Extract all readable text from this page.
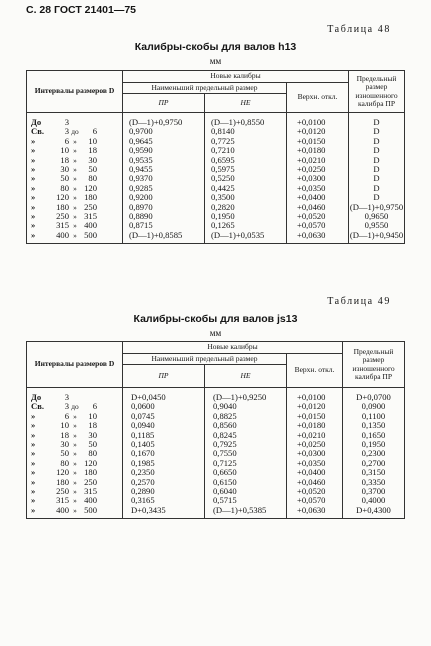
С. 28 ГОСТ 21401—75
Таблица 48
Калибры-скобы для валов h13
мм
Интервалы размеров D	Новые калибры			Предельный размер изношенного калибра ПР
	Наименьший предельный размер		Верхн. откл.	
	ПР	НЕ		
До 3	(D—1)+0,9750	(D—1)+0,8550	+0,0100	D
Св. 3 до 6	0,9700	0,8140	+0,0120	D
» 6 » 10	0,9645	0,7725	+0,0150	D
» 10 » 18	0,9590	0,7210	+0,0180	D
» 18 » 30	0,9535	0,6595	+0,0210	D
» 30 » 50	0,9455	0,5975	+0,0250	D
» 50 » 80	0,9370	0,5250	+0,0300	D
» 80 » 120	0,9285	0,4425	+0,0350	D
» 120 » 180	0,9200	0,3500	+0,0400	D
» 180 » 250	0,8970	0,2820	+0,0460	(D—1)+0,9750
» 250 » 315	0,8890	0,1950	+0,0520	0,9650
» 315 » 400	0,8715	0,1265	+0,0570	0,9550
» 400 » 500	(D—1)+0,8585	(D—1)+0,0535	+0,0630	(D—1)+0,9450
Таблица 49
Калибры-скобы для валов js13
мм
Интервалы размеров D	Новые калибры			Предельный размер изношенного калибра ПР
	Наименьший предельный размер		Верхн. откл.	
	ПР	НЕ		
До 3	D+0,0450	(D—1)+0,9250	+0,0100	D+0,0700
Св. 3 до 6	0,0600	0,9040	+0,0120	0,0900
» 6 » 10	0,0745	0,8825	+0,0150	0,1100
» 10 » 18	0,0940	0,8560	+0,0180	0,1350
» 18 » 30	0,1185	0,8245	+0,0210	0,1650
» 30 » 50	0,1405	0,7925	+0,0250	0,1950
» 50 » 80	0,1670	0,7550	+0,0300	0,2300
» 80 » 120	0,1985	0,7125	+0,0350	0,2700
» 120 » 180	0,2350	0,6650	+0,0400	0,3150
» 180 » 250	0,2570	0,6150	+0,0460	0,3350
» 250 » 315	0,2890	0,6040	+0,0520	0,3700
» 315 » 400	0,3165	0,5715	+0,0570	0,4000
» 400 » 500	D+0,3435	(D—1)+0,5385	+0,0630	D+0,4300
